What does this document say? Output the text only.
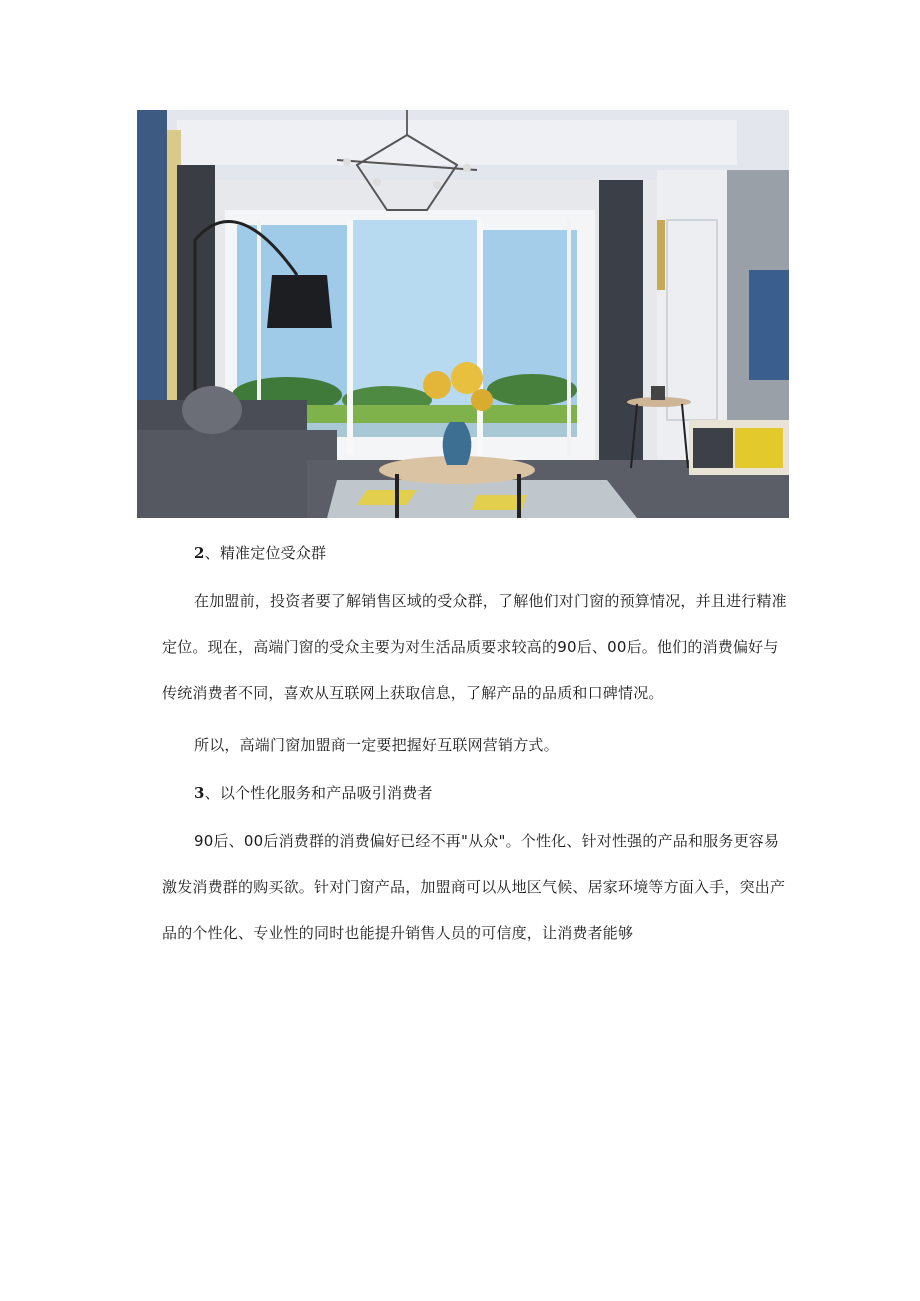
2、精准定位受众群

在加盟前，投资者要了解销售区域的受众群，了解他们对门窗的预算情况，并且进行精准定位。现在，高端门窗的受众主要为对生活品质要求较高的90后、00后。他们的消费偏好与传统消费者不同，喜欢从互联网上获取信息，了解产品的品质和口碑情况。

所以，高端门窗加盟商一定要把握好互联网营销方式。

3、以个性化服务和产品吸引消费者

90后、00后消费群的消费偏好已经不再"从众"。个性化、针对性强的产品和服务更容易激发消费群的购买欲。针对门窗产品，加盟商可以从地区气候、居家环境等方面入手，突出产品的个性化、专业性的同时也能提升销售人员的可信度，让消费者能够
